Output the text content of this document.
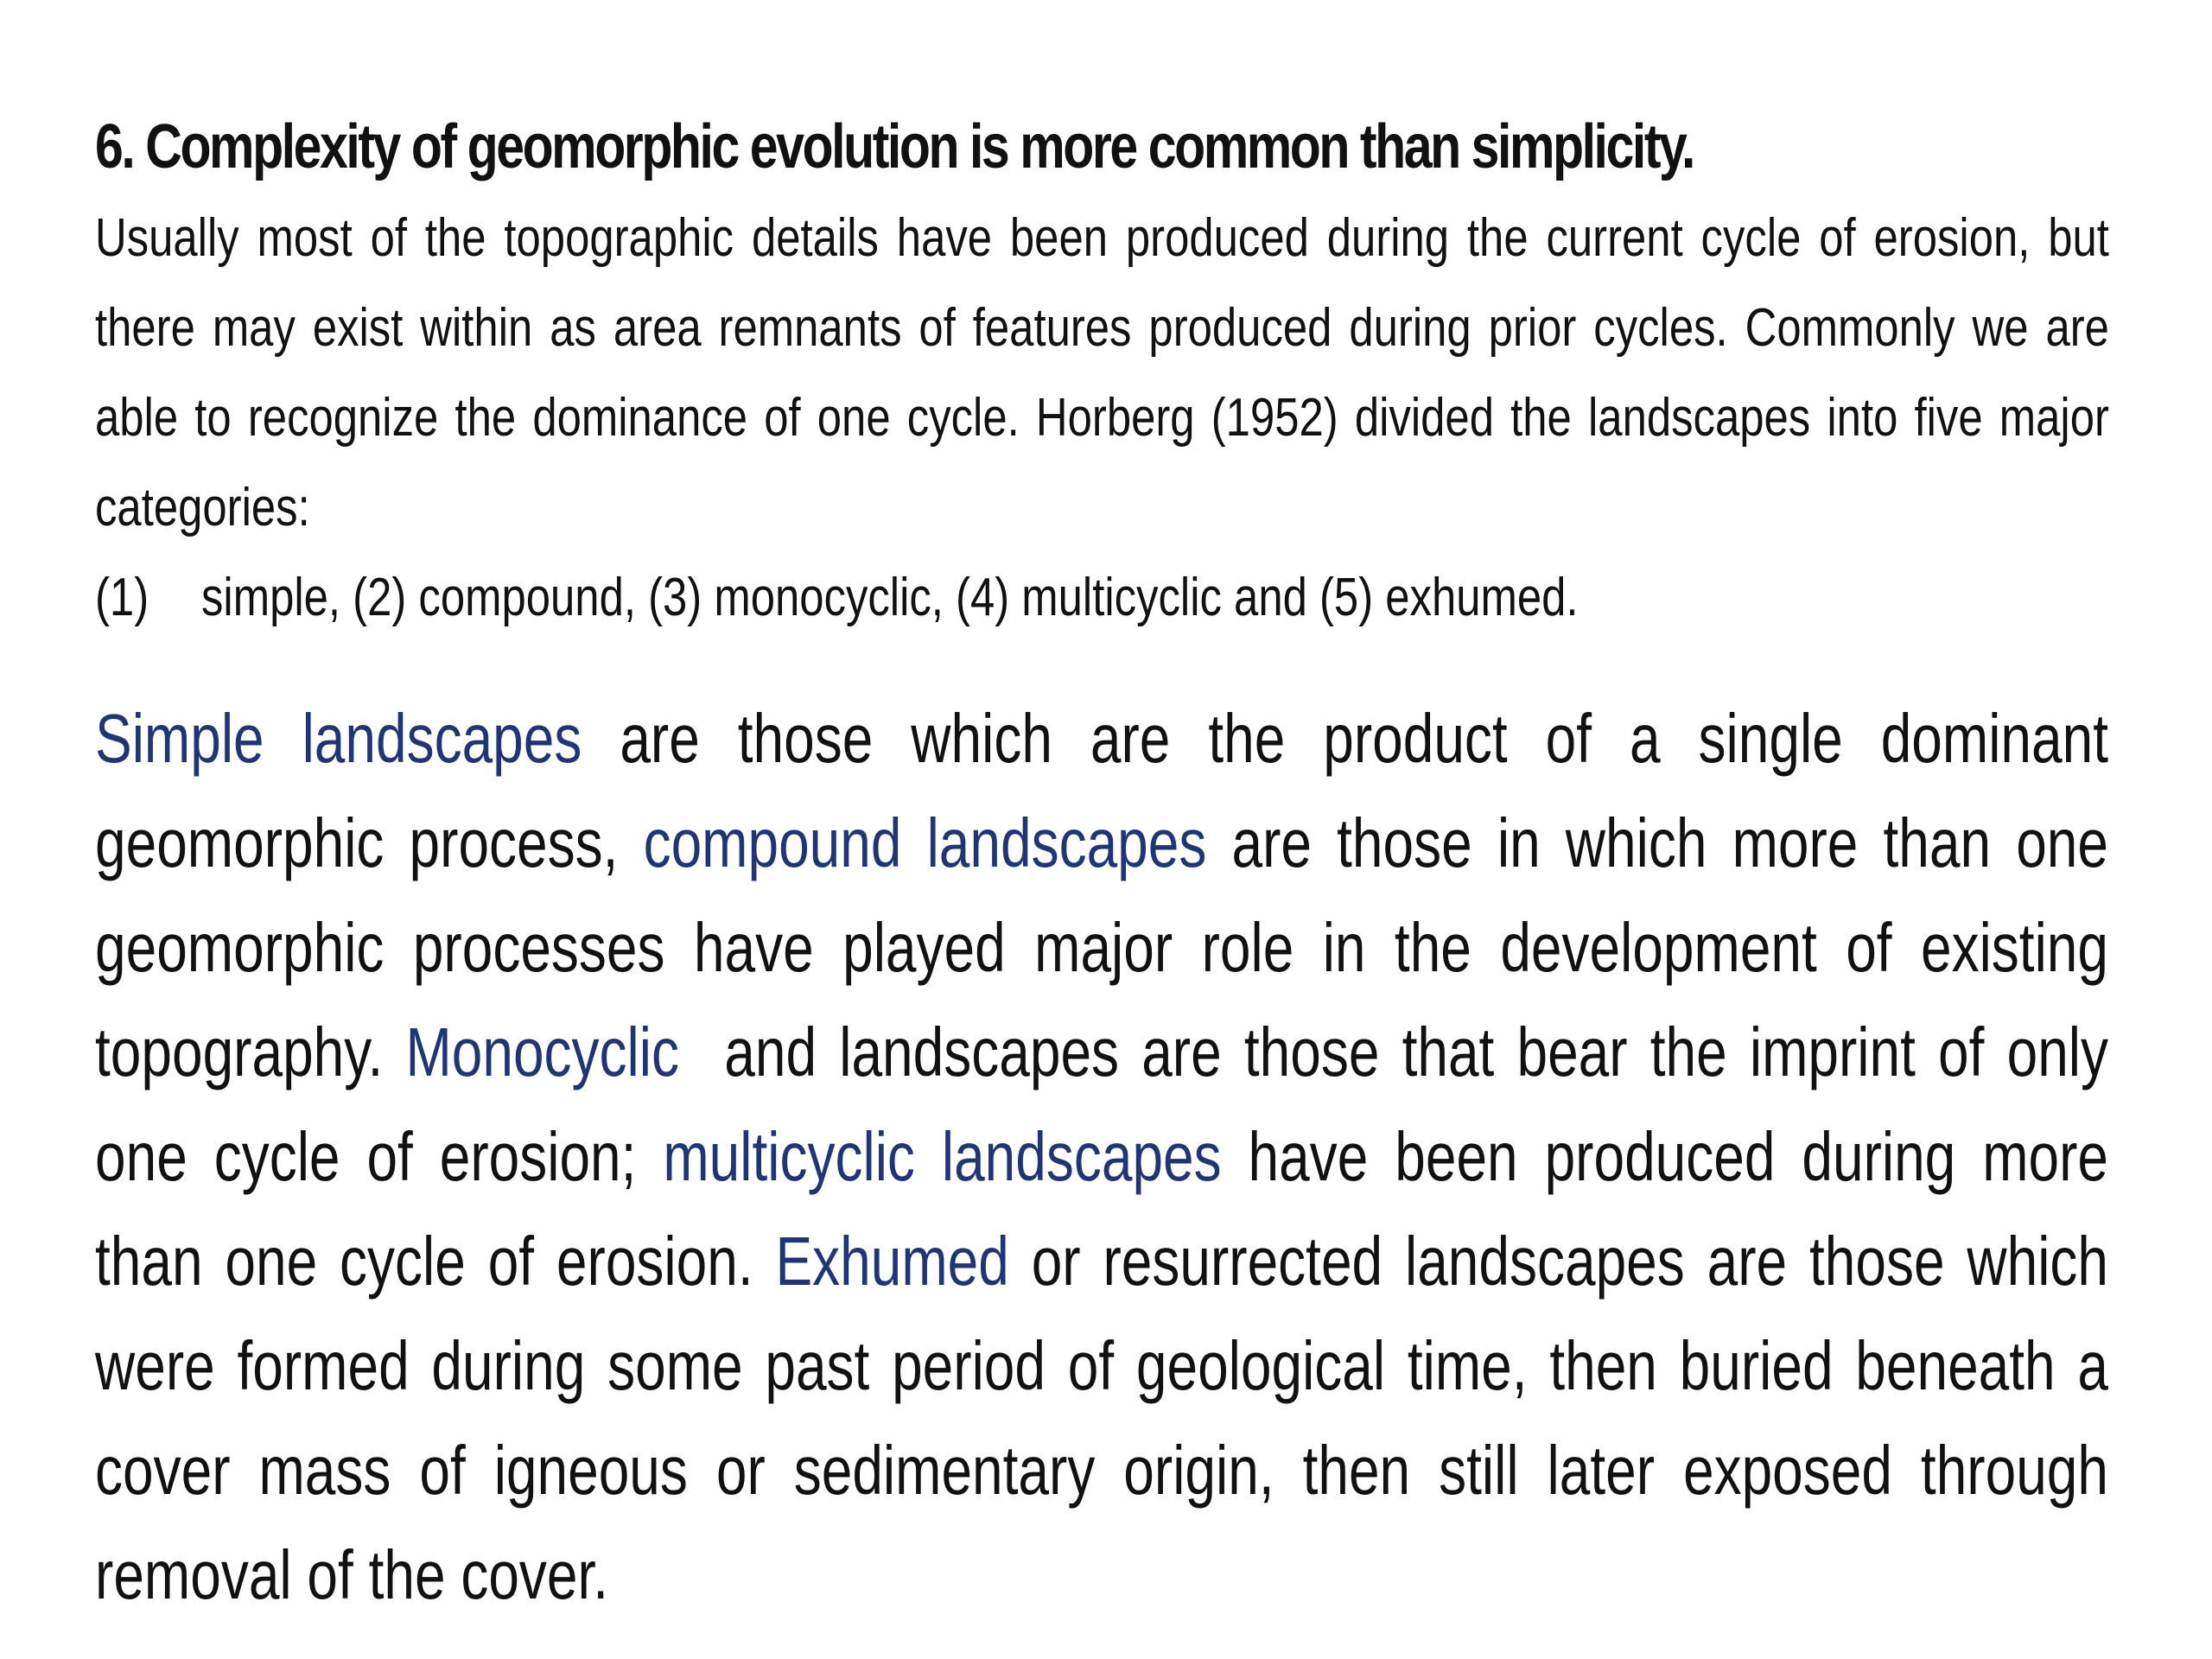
6. Complexity of geomorphic evolution is more common than simplicity.

Usually most of the topographic details have been produced during the current cycle of erosion, but there may exist within as area remnants of features produced during prior cycles. Commonly we are able to recognize the dominance of one cycle. Horberg (1952) divided the landscapes into five major categories:

(1) simple, (2) compound, (3) monocyclic, (4) multicyclic and (5) exhumed.

Simple landscapes are those which are the product of a single dominant geomorphic process, compound landscapes are those in which more than one geomorphic processes have played major role in the development of existing topography. Monocyclic  and landscapes are those that bear the imprint of only one cycle of erosion; multicyclic landscapes have been produced during more than one cycle of erosion. Exhumed or resurrected landscapes are those which were formed during some past period of geological time, then buried beneath a cover mass of igneous or sedimentary origin, then still later exposed through removal of the cover.
